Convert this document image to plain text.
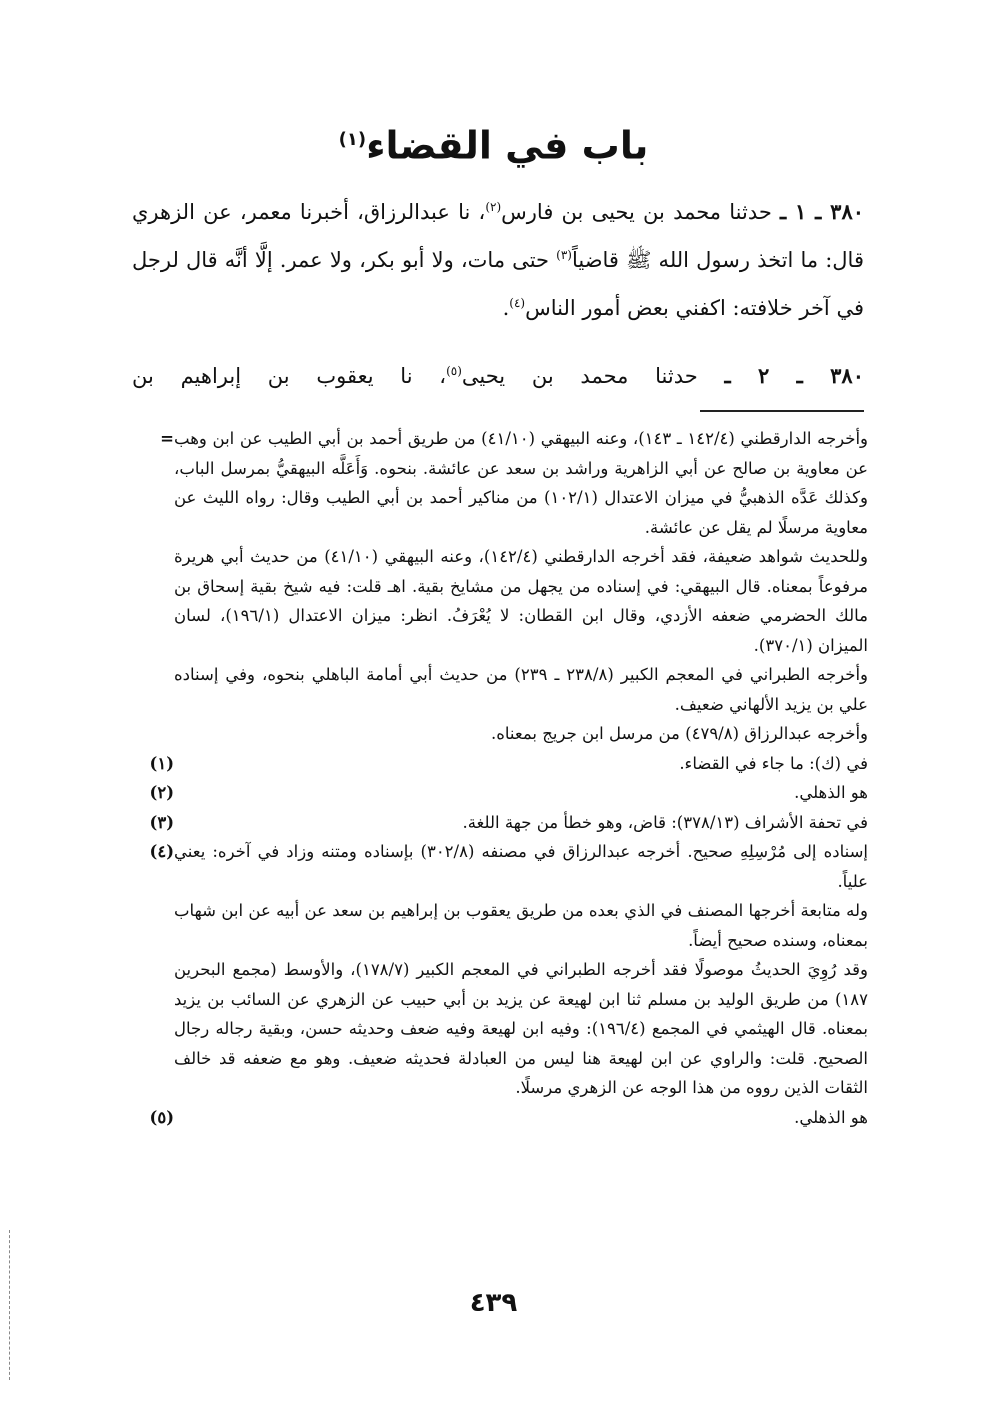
باب في القضاء$^{(١)}$

٣٨٠ ـ ١ ـ حدثنا محمد بن يحيى بن فارس$^{(٢)}$، نا عبدالرزاق، أخبرنا معمر، عن الزهري قال: ما اتخذ رسول الله ﷺ قاضياً$^{(٣)}$ حتى مات، ولا أبو بكر، ولا عمر. إلَّا أنَّه قال لرجل في آخر خلافته: اكفني بعض أمور الناس$^{(٤)}$.

٣٨٠ ـ ٢ ـ حدثنا محمد بن يحيى$^{(٥)}$، نا يعقوب بن إبراهيم بن

= وأخرجه الدارقطني (١٤٢/٤ ـ ١٤٣)، وعنه البيهقي (٤١/١٠) من طريق أحمد بن أبي الطيب عن ابن وهب عن معاوية بن صالح عن أبي الزاهرية وراشد بن سعد عن عائشة. بنحوه. وَأَعَلَّه البيهقيُّ بمرسل الباب، وكذلك عَدَّه الذهبيُّ في ميزان الاعتدال (١٠٢/١) من مناكير أحمد بن أبي الطيب وقال: رواه الليث عن معاوية مرسلًا لم يقل عن عائشة.

وللحديث شواهد ضعيفة، فقد أخرجه الدارقطني (١٤٢/٤)، وعنه البيهقي (٤١/١٠) من حديث أبي هريرة مرفوعاً بمعناه. قال البيهقي: في إسناده من يجهل من مشايخ بقية. اهـ قلت: فيه شيخ بقية إسحاق بن مالك الحضرمي ضعفه الأزدي، وقال ابن القطان: لا يُعْرَفُ. انظر: ميزان الاعتدال (١٩٦/١)، لسان الميزان (٣٧٠/١).

وأخرجه الطبراني في المعجم الكبير (٢٣٨/٨ ـ ٢٣٩) من حديث أبي أمامة الباهلي بنحوه، وفي إسناده علي بن يزيد الألهاني ضعيف.

وأخرجه عبدالرزاق (٤٧٩/٨) من مرسل ابن جريج بمعناه.

(١)	في (ك): ما جاء في القضاء.

(٢)	هو الذهلي.

(٣)	في تحفة الأشراف (٣٧٨/١٣): قاض، وهو خطأ من جهة اللغة.

(٤) إسناده إلى مُرْسِلِهِ صحيح. أخرجه عبدالرزاق في مصنفه (٣٠٢/٨) بإسناده ومتنه وزاد في آخره: يعني علياً.

وله متابعة أخرجها المصنف في الذي بعده من طريق يعقوب بن إبراهيم بن سعد عن أبيه عن ابن شهاب بمعناه، وسنده صحيح أيضاً.

وقد رُوِيَ الحديثُ موصولًا فقد أخرجه الطبراني في المعجم الكبير (١٧٨/٧)، والأوسط (مجمع البحرين ١٨٧) من طريق الوليد بن مسلم ثنا ابن لهيعة عن يزيد بن أبي حبيب عن الزهري عن السائب بن يزيد بمعناه. قال الهيثمي في المجمع (١٩٦/٤): وفيه ابن لهيعة وفيه ضعف وحديثه حسن، وبقية رجاله رجال الصحيح. قلت: والراوي عن ابن لهيعة هنا ليس من العبادلة فحديثه ضعيف. وهو مع ضعفه قد خالف الثقات الذين رووه من هذا الوجه عن الزهري مرسلًا.

(٥)	هو الذهلي.

٤٣٩
